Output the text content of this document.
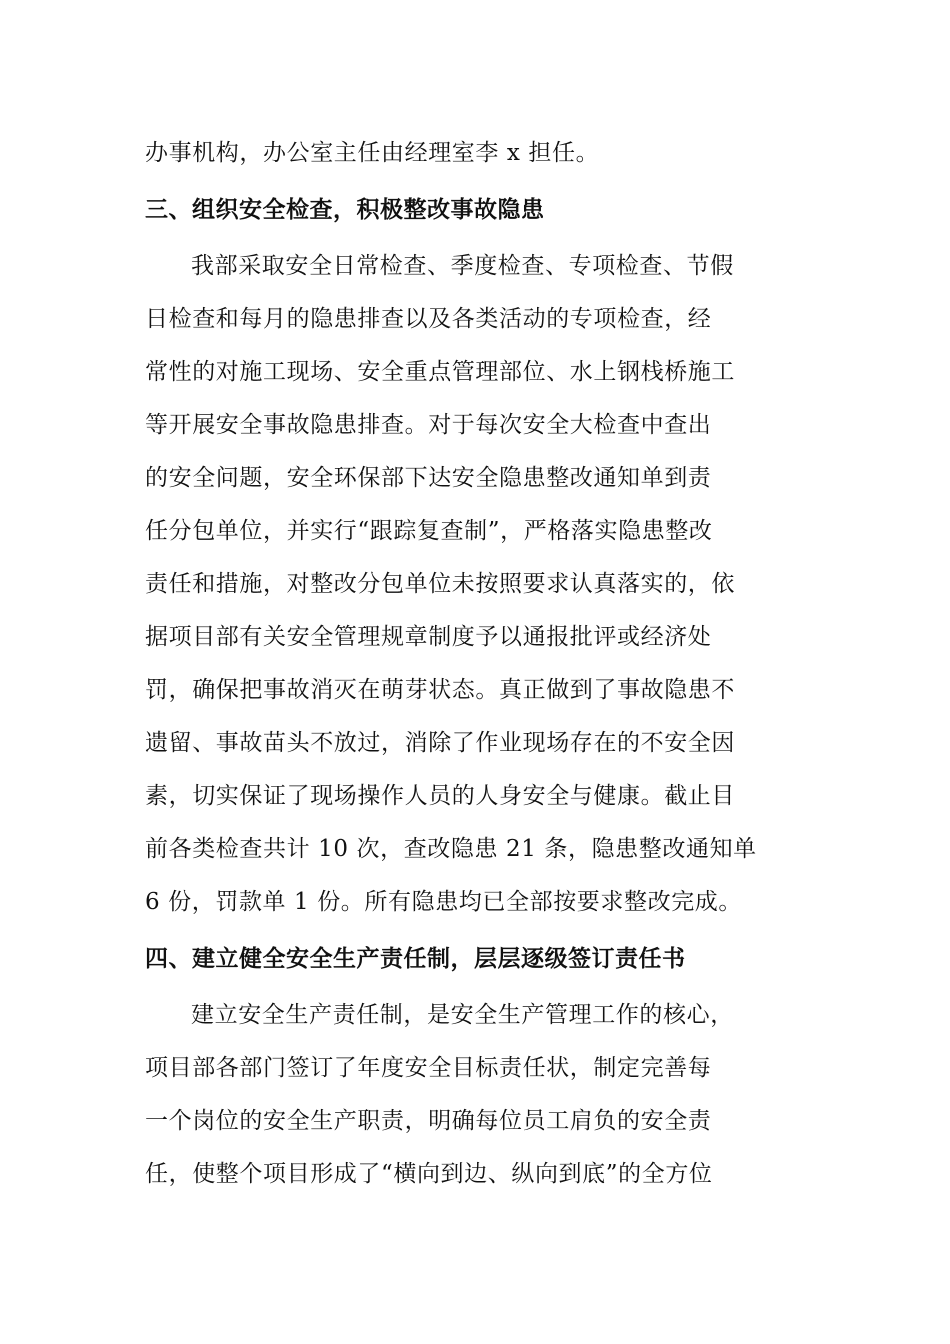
办事机构，办公室主任由经理室李 x 担任。
三、组织安全检查，积极整改事故隐患
我部采取安全日常检查、季度检查、专项检查、节假
日检查和每月的隐患排查以及各类活动的专项检查，经
常性的对施工现场、安全重点管理部位、水上钢栈桥施工
等开展安全事故隐患排查。对于每次安全大检查中查出
的安全问题，安全环保部下达安全隐患整改通知单到责
任分包单位，并实行“跟踪复查制”，严格落实隐患整改
责任和措施，对整改分包单位未按照要求认真落实的，依
据项目部有关安全管理规章制度予以通报批评或经济处
罚，确保把事故消灭在萌芽状态。真正做到了事故隐患不
遗留、事故苗头不放过，消除了作业现场存在的不安全因
素，切实保证了现场操作人员的人身安全与健康。截止目
前各类检查共计 10 次，查改隐患 21 条，隐患整改通知单
6 份，罚款单 1 份。所有隐患均已全部按要求整改完成。
四、建立健全安全生产责任制，层层逐级签订责任书
建立安全生产责任制，是安全生产管理工作的核心，
项目部各部门签订了年度安全目标责任状，制定完善每
一个岗位的安全生产职责，明确每位员工肩负的安全责
任，使整个项目形成了“横向到边、纵向到底”的全方位
